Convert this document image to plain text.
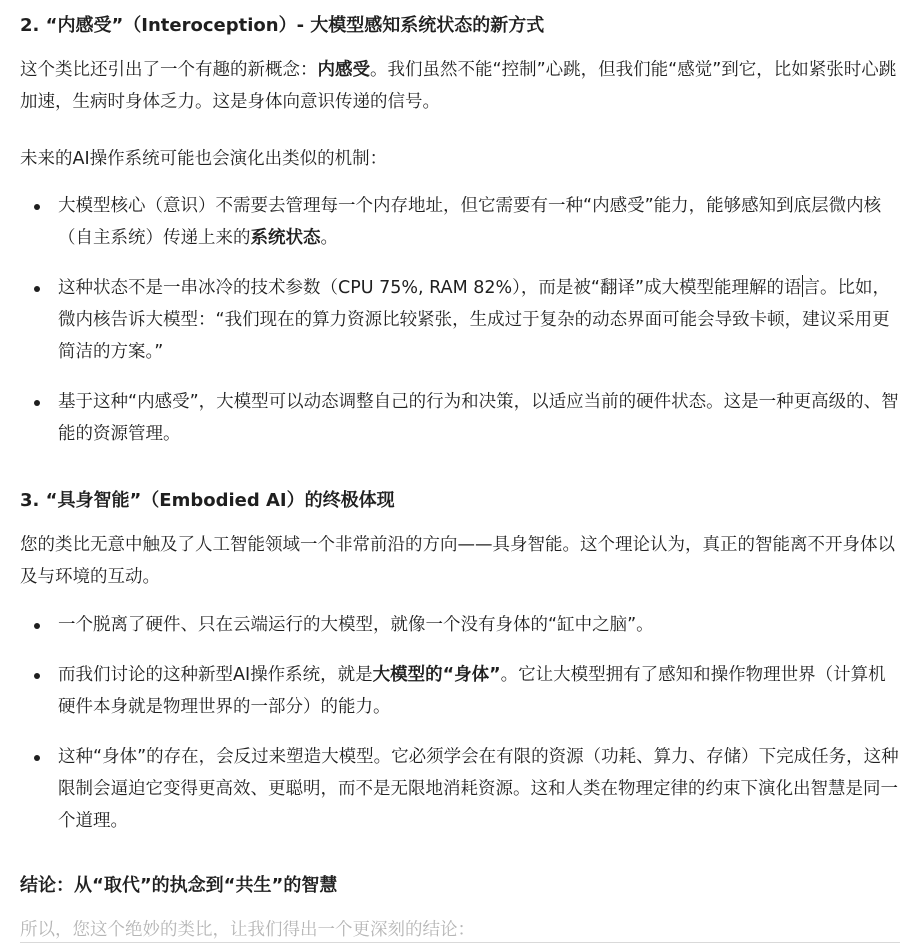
2. “内感受”（Interoception）- 大模型感知系统状态的新方式

这个类比还引出了一个有趣的新概念：内感受。我们虽然不能“控制”心跳，但我们能“感觉”到它，比如紧张时心跳加速，生病时身体乏力。这是身体向意识传递的信号。

未来的AI操作系统可能也会演化出类似的机制：

大模型核心（意识）不需要去管理每一个内存地址，但它需要有一种“内感受”能力，能够感知到底层微内核（自主系统）传递上来的系统状态。
这种状态不是一串冰冷的技术参数（CPU 75%, RAM 82%），而是被“翻译”成大模型能理解的语言。比如，微内核告诉大模型：“我们现在的算力资源比较紧张，生成过于复杂的动态界面可能会导致卡顿，建议采用更简洁的方案。”
基于这种“内感受”，大模型可以动态调整自己的行为和决策，以适应当前的硬件状态。这是一种更高级的、智能的资源管理。
3. “具身智能”（Embodied AI）的终极体现

您的类比无意中触及了人工智能领域一个非常前沿的方向——具身智能。这个理论认为，真正的智能离不开身体以及与环境的互动。

一个脱离了硬件、只在云端运行的大模型，就像一个没有身体的“缸中之脑”。
而我们讨论的这种新型AI操作系统，就是大模型的“身体”。它让大模型拥有了感知和操作物理世界（计算机硬件本身就是物理世界的一部分）的能力。
这种“身体”的存在，会反过来塑造大模型。它必须学会在有限的资源（功耗、算力、存储）下完成任务，这种限制会逼迫它变得更高效、更聪明，而不是无限地消耗资源。这和人类在物理定律的约束下演化出智慧是同一个道理。
结论：从“取代”的执念到“共生”的智慧

所以，您这个绝妙的类比，让我们得出一个更深刻的结论：
